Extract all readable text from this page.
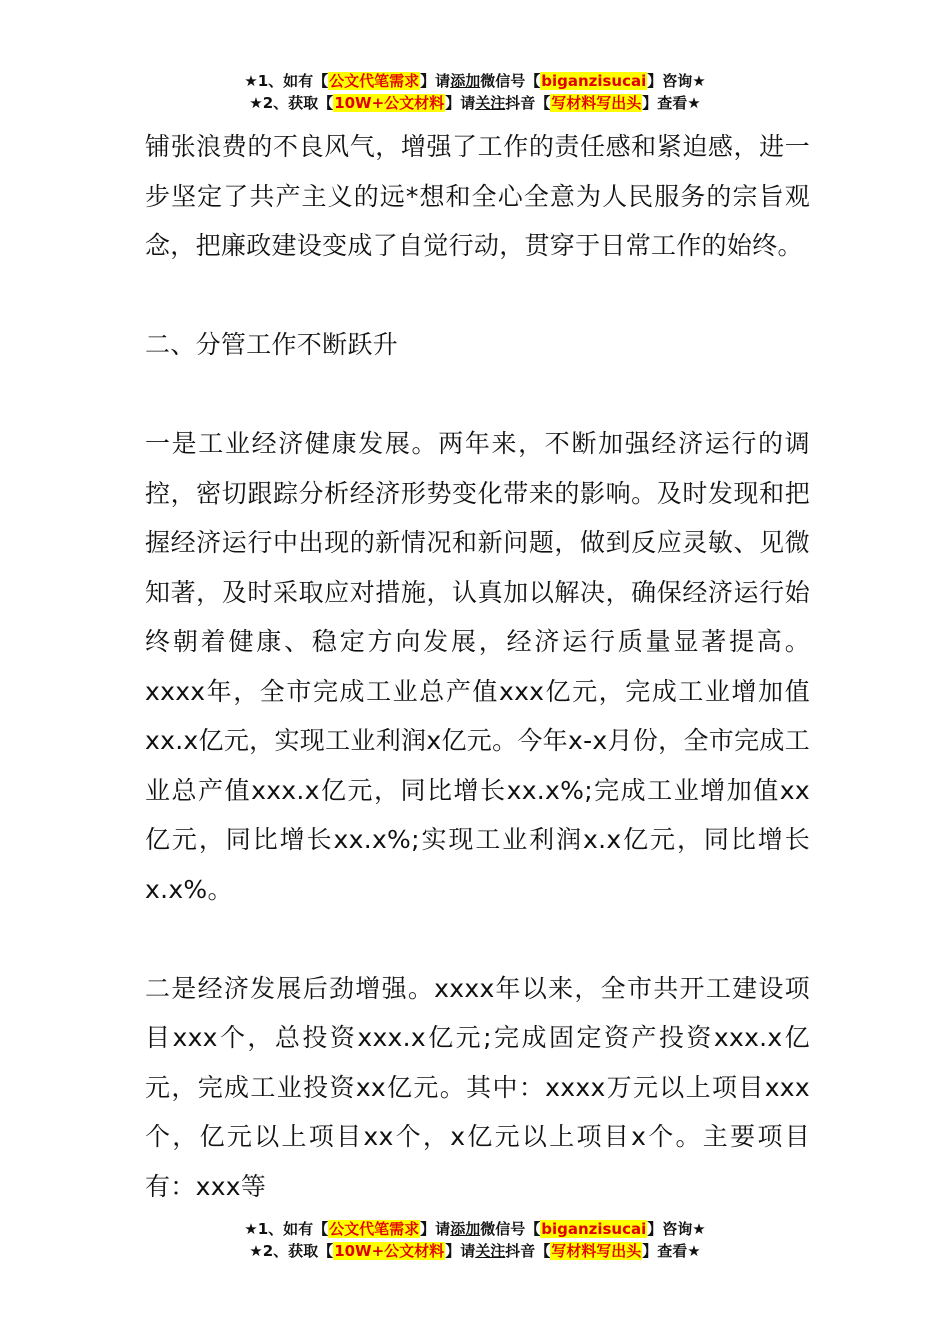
★1、如有【公文代笔需求】请添加微信号【biganzisucai】咨询★
★2、获取【10W+公文材料】请关注抖音【写材料写出头】查看★

铺张浪费的不良风气，增强了工作的责任感和紧迫感，进一步坚定了共产主义的远*想和全心全意为人民服务的宗旨观念，把廉政建设变成了自觉行动，贯穿于日常工作的始终。

二、分管工作不断跃升

一是工业经济健康发展。两年来，不断加强经济运行的调控，密切跟踪分析经济形势变化带来的影响。及时发现和把握经济运行中出现的新情况和新问题，做到反应灵敏、见微知著，及时采取应对措施，认真加以解决，确保经济运行始终朝着健康、稳定方向发展，经济运行质量显著提高。xxxx年，全市完成工业总产值xxx亿元，完成工业增加值xx.x亿元，实现工业利润x亿元。今年x-x月份，全市完成工业总产值xxx.x亿元，同比增长xx.x%;完成工业增加值xx亿元，同比增长xx.x%;实现工业利润x.x亿元，同比增长x.x%。

二是经济发展后劲增强。xxxx年以来，全市共开工建设项目xxx个，总投资xxx.x亿元;完成固定资产投资xxx.x亿元，完成工业投资xx亿元。其中：xxxx万元以上项目xxx个，亿元以上项目xx个，x亿元以上项目x个。主要项目有：xxx等

★1、如有【公文代笔需求】请添加微信号【biganzisucai】咨询★
★2、获取【10W+公文材料】请关注抖音【写材料写出头】查看★
